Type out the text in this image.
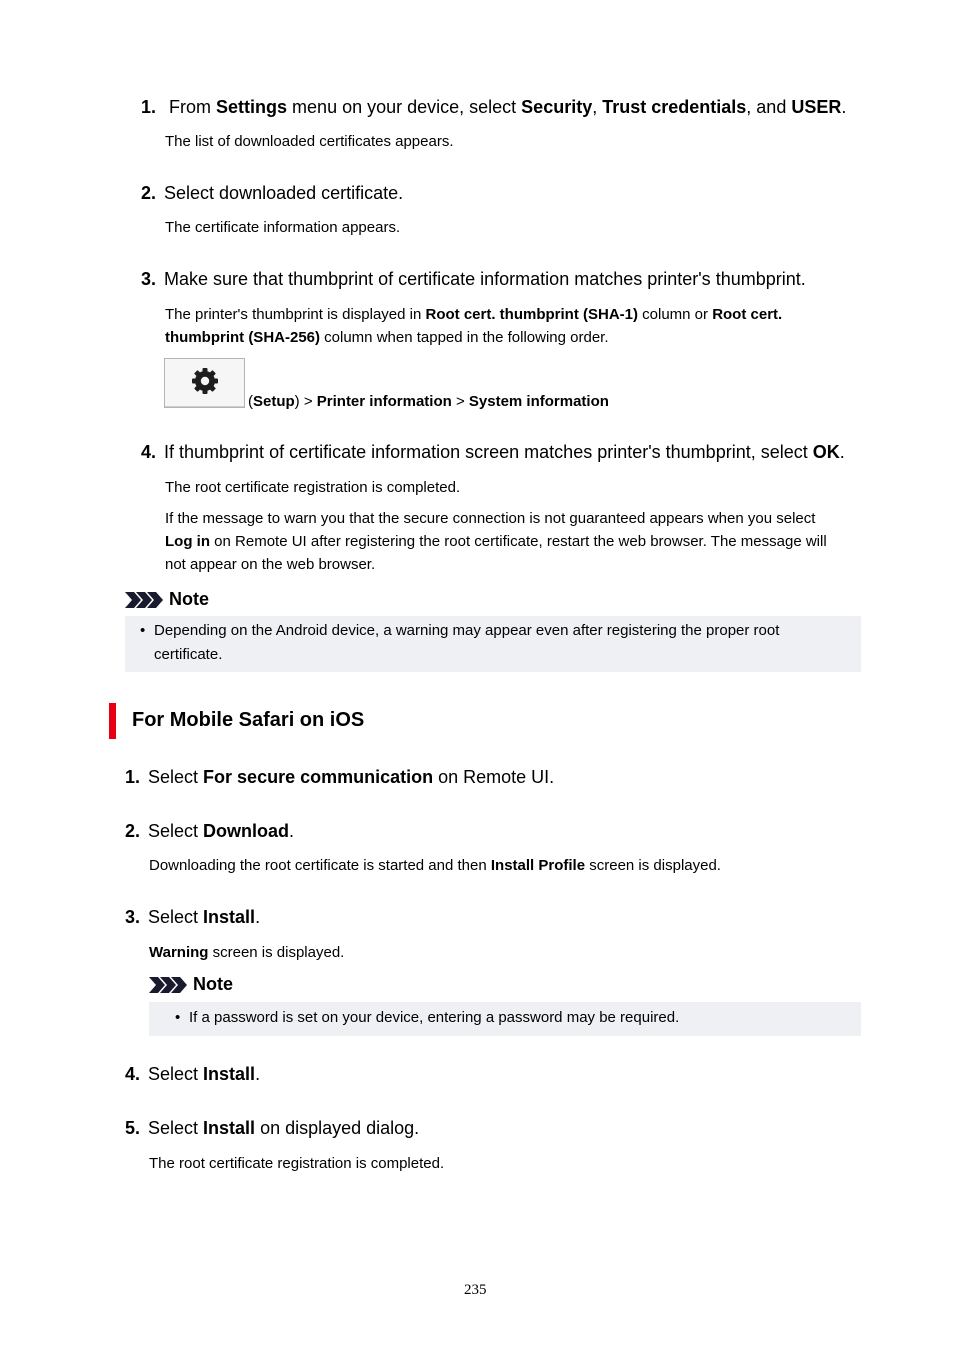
1. From Settings menu on your device, select Security, Trust credentials, and USER.
The list of downloaded certificates appears.
2. Select downloaded certificate.
The certificate information appears.
3. Make sure that thumbprint of certificate information matches printer's thumbprint.
The printer's thumbprint is displayed in Root cert. thumbprint (SHA-1) column or Root cert.
thumbprint (SHA-256) column when tapped in the following order.
(Setup) > Printer information > System information
4. If thumbprint of certificate information screen matches printer's thumbprint, select OK.
The root certificate registration is completed.
If the message to warn you that the secure connection is not guaranteed appears when you select
Log in on Remote UI after registering the root certificate, restart the web browser. The message will
not appear on the web browser.
Note
• Depending on the Android device, a warning may appear even after registering the proper root
certificate.
For Mobile Safari on iOS
1. Select For secure communication on Remote UI.
2. Select Download.
Downloading the root certificate is started and then Install Profile screen is displayed.
3. Select Install.
Warning screen is displayed.
Note
• If a password is set on your device, entering a password may be required.
4. Select Install.
5. Select Install on displayed dialog.
The root certificate registration is completed.
235
